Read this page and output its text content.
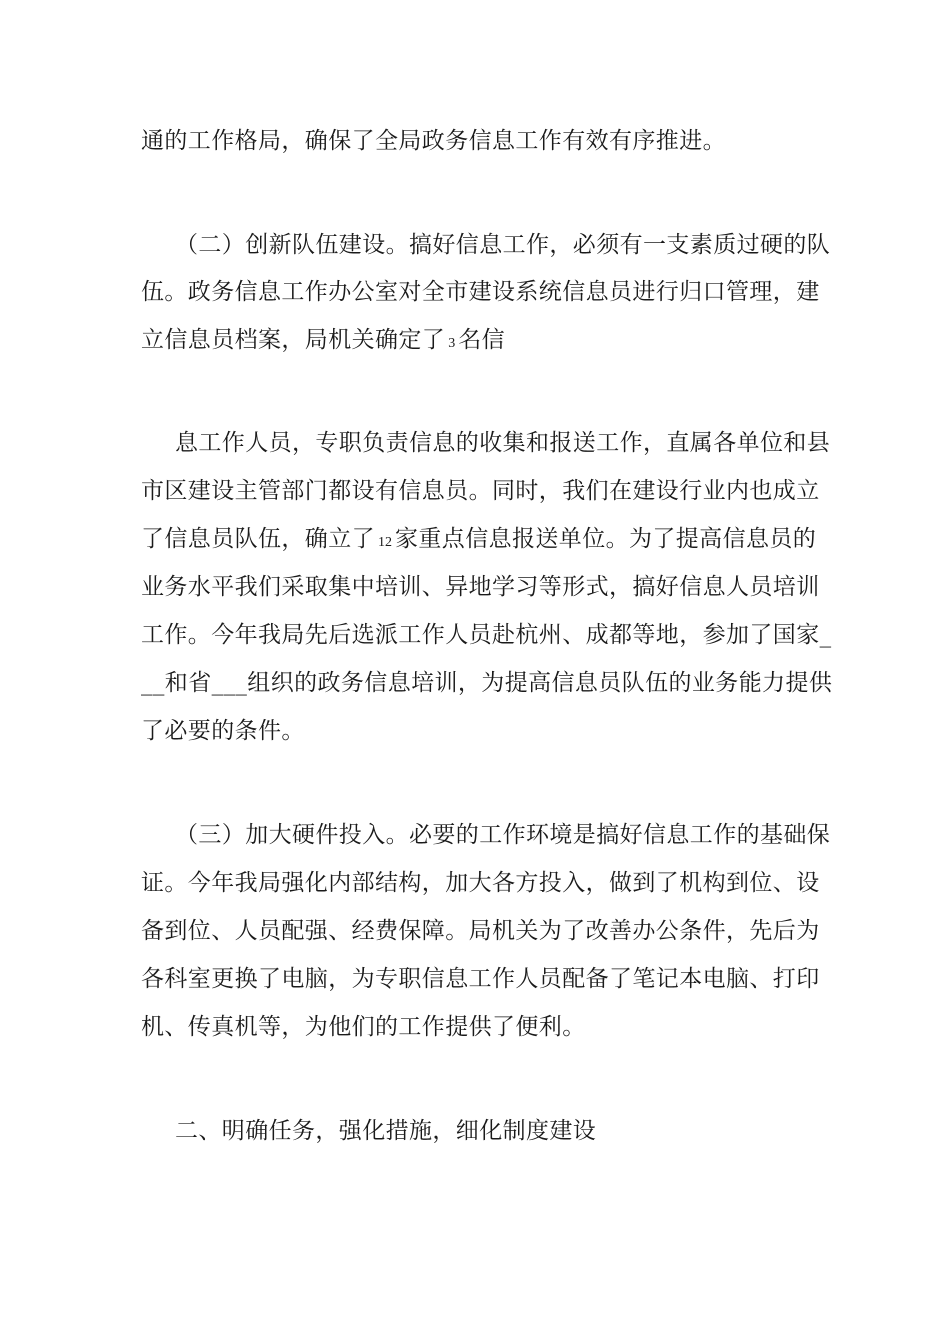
通的工作格局，确保了全局政务信息工作有效有序推进。
（二）创新队伍建设。搞好信息工作，必须有一支素质过硬的队
伍。政务信息工作办公室对全市建设系统信息员进行归口管理，建
立信息员档案，局机关确定了 3 名信
息工作人员，专职负责信息的收集和报送工作，直属各单位和县
市区建设主管部门都设有信息员。同时，我们在建设行业内也成立
了信息员队伍，确立了 12 家重点信息报送单位。为了提高信息员的
业务水平我们采取集中培训、异地学习等形式，搞好信息人员培训
工作。今年我局先后选派工作人员赴杭州、成都等地，参加了国家_
__和省___组织的政务信息培训，为提高信息员队伍的业务能力提供
了必要的条件。
（三）加大硬件投入。必要的工作环境是搞好信息工作的基础保
证。今年我局强化内部结构，加大各方投入，做到了机构到位、设
备到位、人员配强、经费保障。局机关为了改善办公条件，先后为
各科室更换了电脑，为专职信息工作人员配备了笔记本电脑、打印
机、传真机等，为他们的工作提供了便利。
二、明确任务，强化措施，细化制度建设
